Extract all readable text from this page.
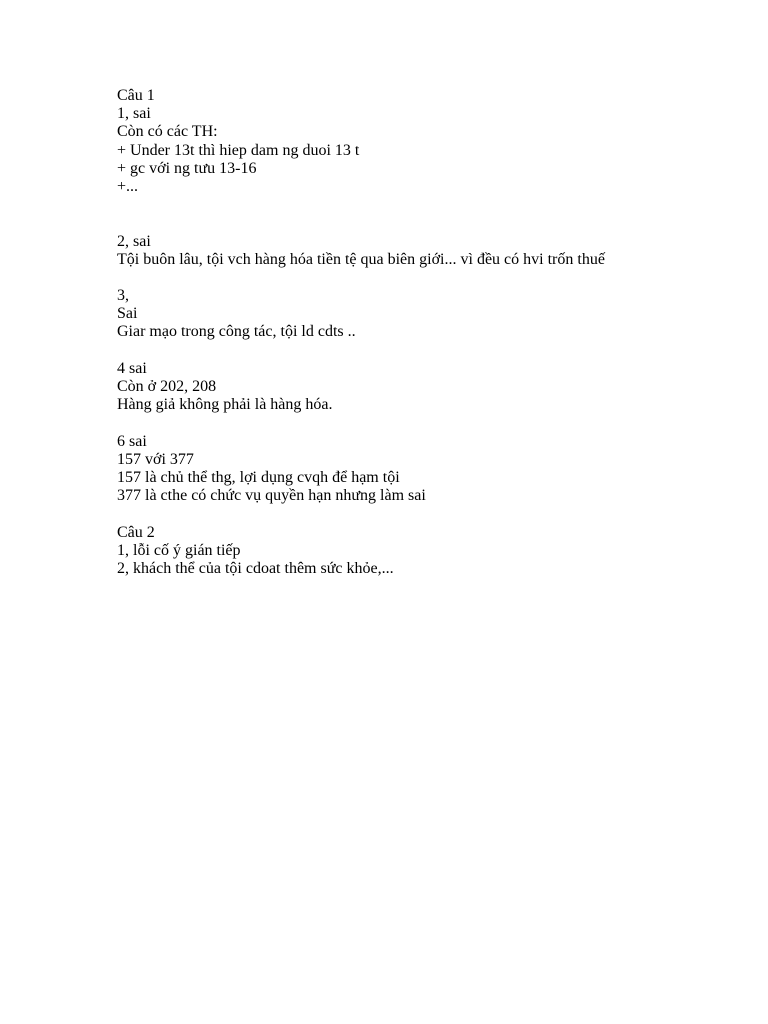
Câu 1
1, sai
Còn có các TH:
+ Under 13t thì hiep dam ng duoi 13 t
+ gc với ng tưu 13-16
+...
2, sai
Tội buôn lâu, tội vch hàng hóa tiền tệ qua biên giới... vì đều có hvi trốn thuế
3,
Sai
Giar mạo trong công tác, tội ld cdts ..
4 sai
Còn ở 202, 208
Hàng giả không phải là hàng hóa.
6 sai
157 với 377
157 là chủ thể thg, lợi dụng cvqh để hạm tội
377 là cthe có chức vụ quyền hạn nhưng làm sai
Câu 2
1, lỗi cố ý gián tiếp
2, khách thể của tội cdoat thêm sức khỏe,...
